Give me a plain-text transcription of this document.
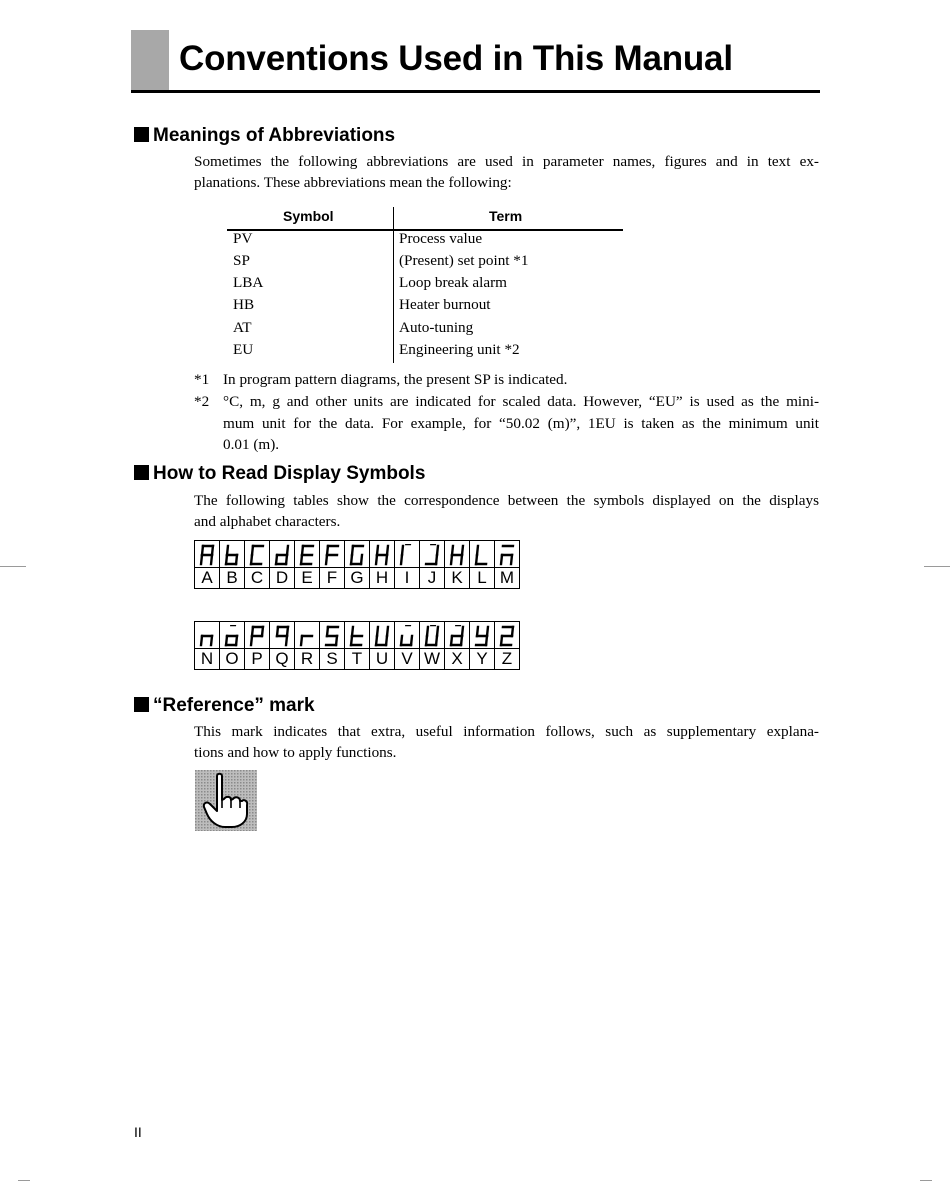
Conventions Used in This Manual
Meanings of Abbreviations
Sometimes the following abbreviations are used in parameter names, figures and in text ex-
planations. These abbreviations mean the following:
Symbol	Term
PV	Process value
SP	(Present) set point *1
LBA	Loop break alarm
HB	Heater burnout
AT	Auto-tuning
EU	Engineering unit *2
*1 In program pattern diagrams, the present SP is indicated.
*2 °C, m, g and other units are indicated for scaled data. However, “EU” is used as the mini-
mum unit for the data. For example, for “50.02 (m)”, 1EU is taken as the minimum unit
0.01 (m).
How to Read Display Symbols
The following tables show the correspondence between the symbols displayed on the displays
and alphabet characters.

A	B	C	D	E	F	G	H	I	J	K	L	M

N	O	P	Q	R	S	T	U	V	W	X	Y	Z
“Reference” mark
This mark indicates that extra, useful information follows, such as supplementary explana-
tions and how to apply functions.
II
